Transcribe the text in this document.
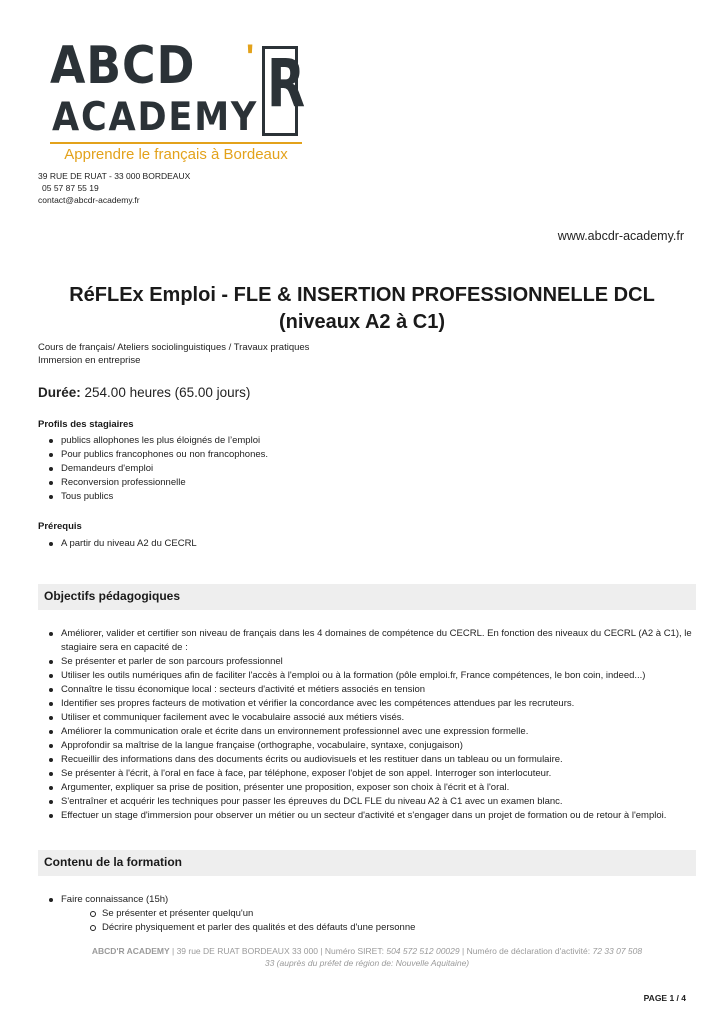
ABCD ' R
ACADEMY
Apprendre le français à Bordeaux
39 RUE DE RUAT - 33 000 BORDEAUX
05 57 87 55 19
contact@abcdr-academy.fr
www.abcdr-academy.fr
RéFLEx Emploi - FLE & INSERTION PROFESSIONNELLE DCL
(niveaux A2 à C1)
Cours de français/ Ateliers sociolinguistiques / Travaux pratiques
Immersion en entreprise
Durée: 254.00 heures (65.00 jours)
Profils des stagiaires
publics allophones les plus éloignés de l’emploi
Pour publics francophones ou non francophones.
Demandeurs d'emploi
Reconversion professionnelle
Tous publics
Prérequis
A partir du niveau A2 du CECRL
Objectifs pédagogiques
Améliorer, valider et certifier son niveau de français dans les 4 domaines de compétence du CECRL. En fonction des niveaux du CECRL (A2 à C1), le stagiaire sera en capacité de :
Se présenter et parler de son parcours professionnel
Utiliser les outils numériques afin de faciliter l'accès à l'emploi ou à la formation (pôle emploi.fr, France compétences, le bon coin, indeed...)
Connaître le tissu économique local : secteurs d'activité et métiers associés en tension
Identifier ses propres facteurs de motivation et vérifier la concordance avec les compétences attendues par les recruteurs.
Utiliser et communiquer facilement avec le vocabulaire associé aux métiers visés.
Améliorer la communication orale et écrite dans un environnement professionnel avec une expression formelle.
Approfondir sa maîtrise de la langue française (orthographe, vocabulaire, syntaxe, conjugaison)
Recueillir des informations dans des documents écrits ou audiovisuels et les restituer dans un tableau ou un formulaire.
Se présenter à l'écrit, à l'oral en face à face, par téléphone, exposer l'objet de son appel. Interroger son interlocuteur.
Argumenter, expliquer sa prise de position, présenter une proposition, exposer son choix à l'écrit et à l'oral.
S'entraîner et acquérir les techniques pour passer les épreuves du DCL FLE du niveau A2 à C1 avec un examen blanc.
Effectuer un stage d'immersion pour observer un métier ou un secteur d'activité et s'engager dans un projet de formation ou de retour à l'emploi.
Contenu de la formation
Faire connaissance (15h)
Se présenter et présenter quelqu'un
Décrire physiquement et parler des qualités et des défauts d'une personne
ABCD'R ACADEMY | 39 rue DE RUAT BORDEAUX 33 000 | Numéro SIRET: 504 572 512 00029 | Numéro de déclaration d'activité: 72 33 07 508
33 (auprès du préfet de région de: Nouvelle Aquitaine)
PAGE 1 / 4
